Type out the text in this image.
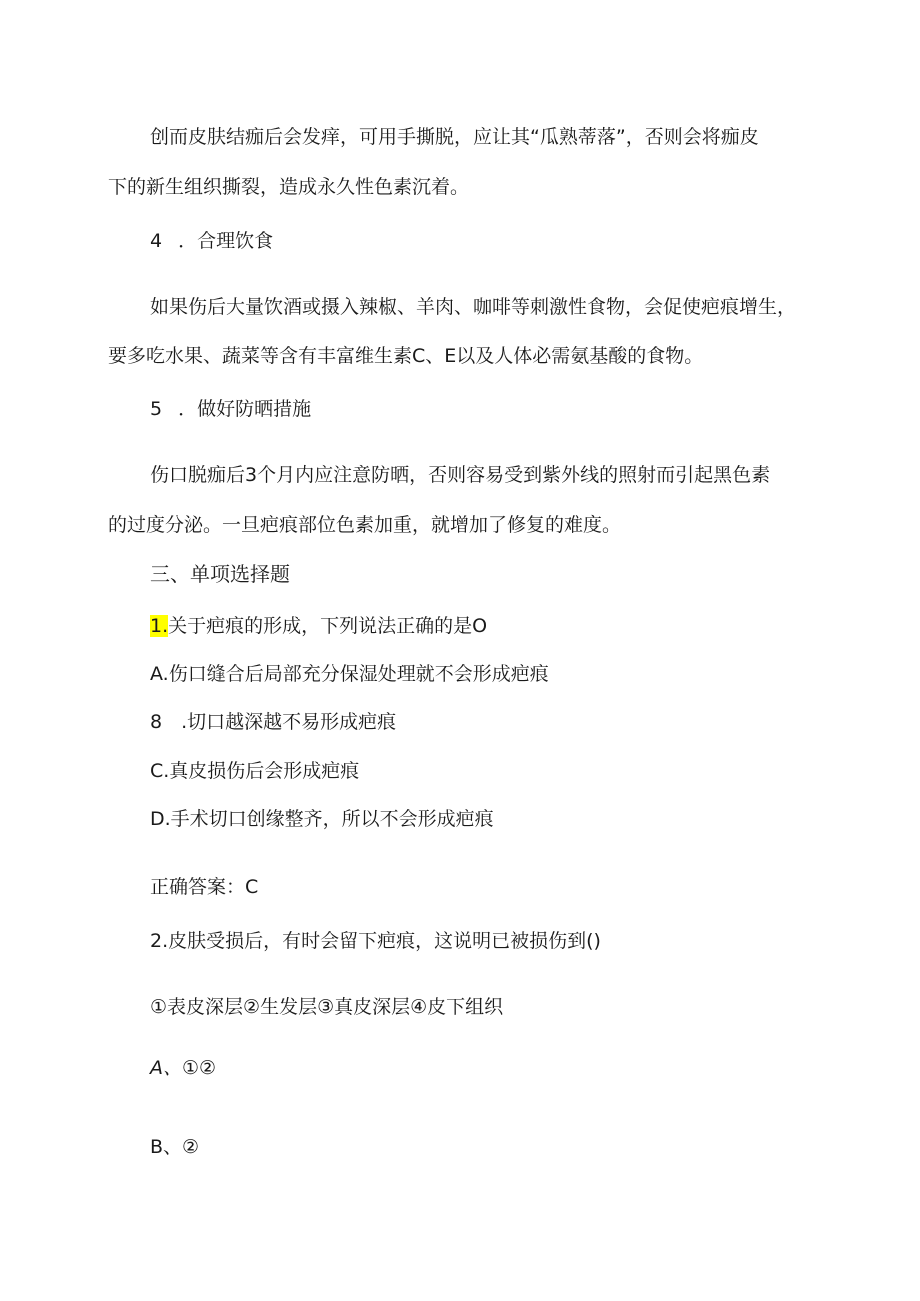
创而皮肤结痂后会发痒，可用手撕脱，应让其“瓜熟蒂落”，否则会将痂皮
下的新生组织撕裂，造成永久性色素沉着。
4 ．合理饮食
如果伤后大量饮酒或摄入辣椒、羊肉、咖啡等刺激性食物，会促使疤痕增生，
要多吃水果、蔬菜等含有丰富维生素C、E以及人体必需氨基酸的食物。
5 ．做好防晒措施
伤口脱痂后3个月内应注意防晒，否则容易受到紫外线的照射而引起黑色素
的过度分泌。一旦疤痕部位色素加重，就增加了修复的难度。
三、单项选择题
1.关于疤痕的形成，下列说法正确的是O
A.伤口缝合后局部充分保湿处理就不会形成疤痕
8　.切口越深越不易形成疤痕
C.真皮损伤后会形成疤痕
D.手术切口创缘整齐，所以不会形成疤痕
正确答案：C
2.皮肤受损后，有时会留下疤痕，这说明已被损伤到()
①表皮深层②生发层③真皮深层④皮下组织
A、①②
B、②
